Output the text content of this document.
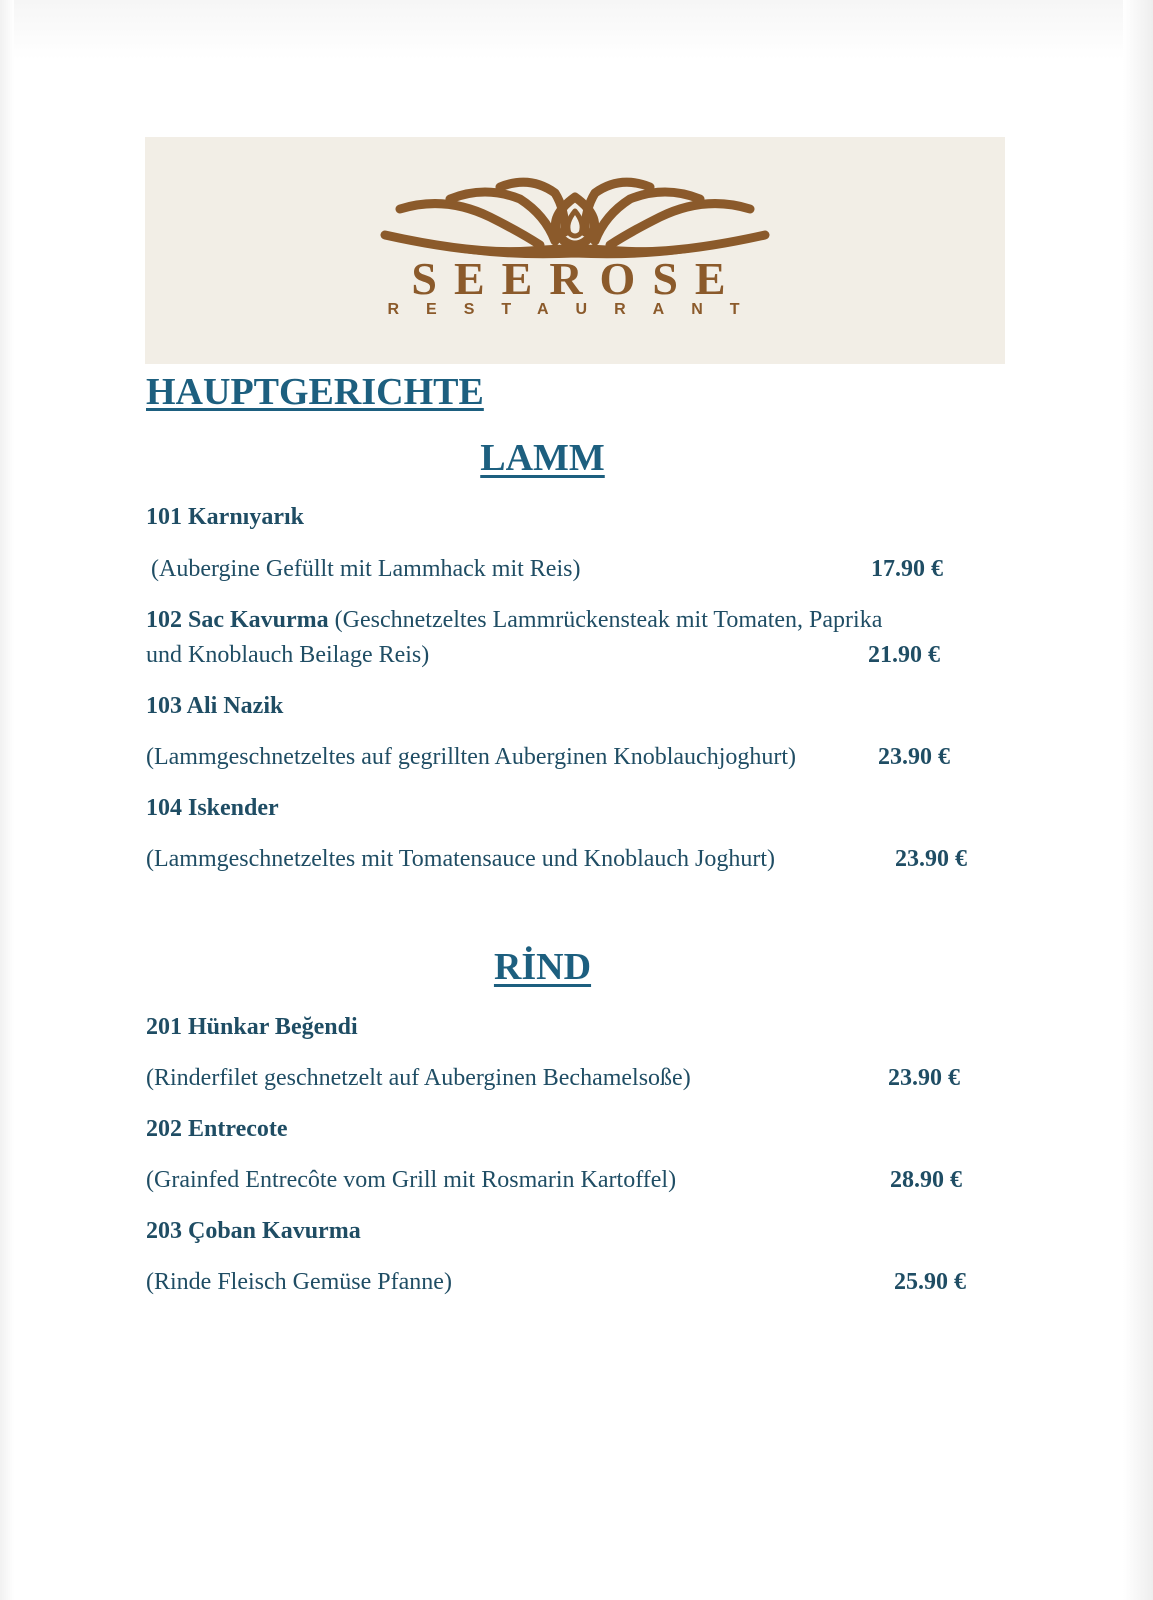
SEEROSE
RESTAURANT
HAUPTGERICHTE
LAMM
101 Karnıyarık
(Aubergine Gefüllt mit Lammhack mit Reis)	17.90 €
102 Sac Kavurma (Geschnetzeltes Lammrückensteak mit Tomaten, Paprika
und Knoblauch Beilage Reis)	21.90 €
103 Ali Nazik
(Lammgeschnetzeltes auf gegrillten Auberginen Knoblauchjoghurt)	23.90 €
104 Iskender
(Lammgeschnetzeltes mit Tomatensauce und Knoblauch Joghurt)	23.90 €
RİND
201 Hünkar Beğendi
(Rinderfilet geschnetzelt auf Auberginen Bechamelsoße)	23.90 €
202 Entrecote
(Grainfed Entrecôte vom Grill mit Rosmarin Kartoffel)	28.90 €
203 Çoban Kavurma
(Rinde Fleisch Gemüse Pfanne)	25.90 €
